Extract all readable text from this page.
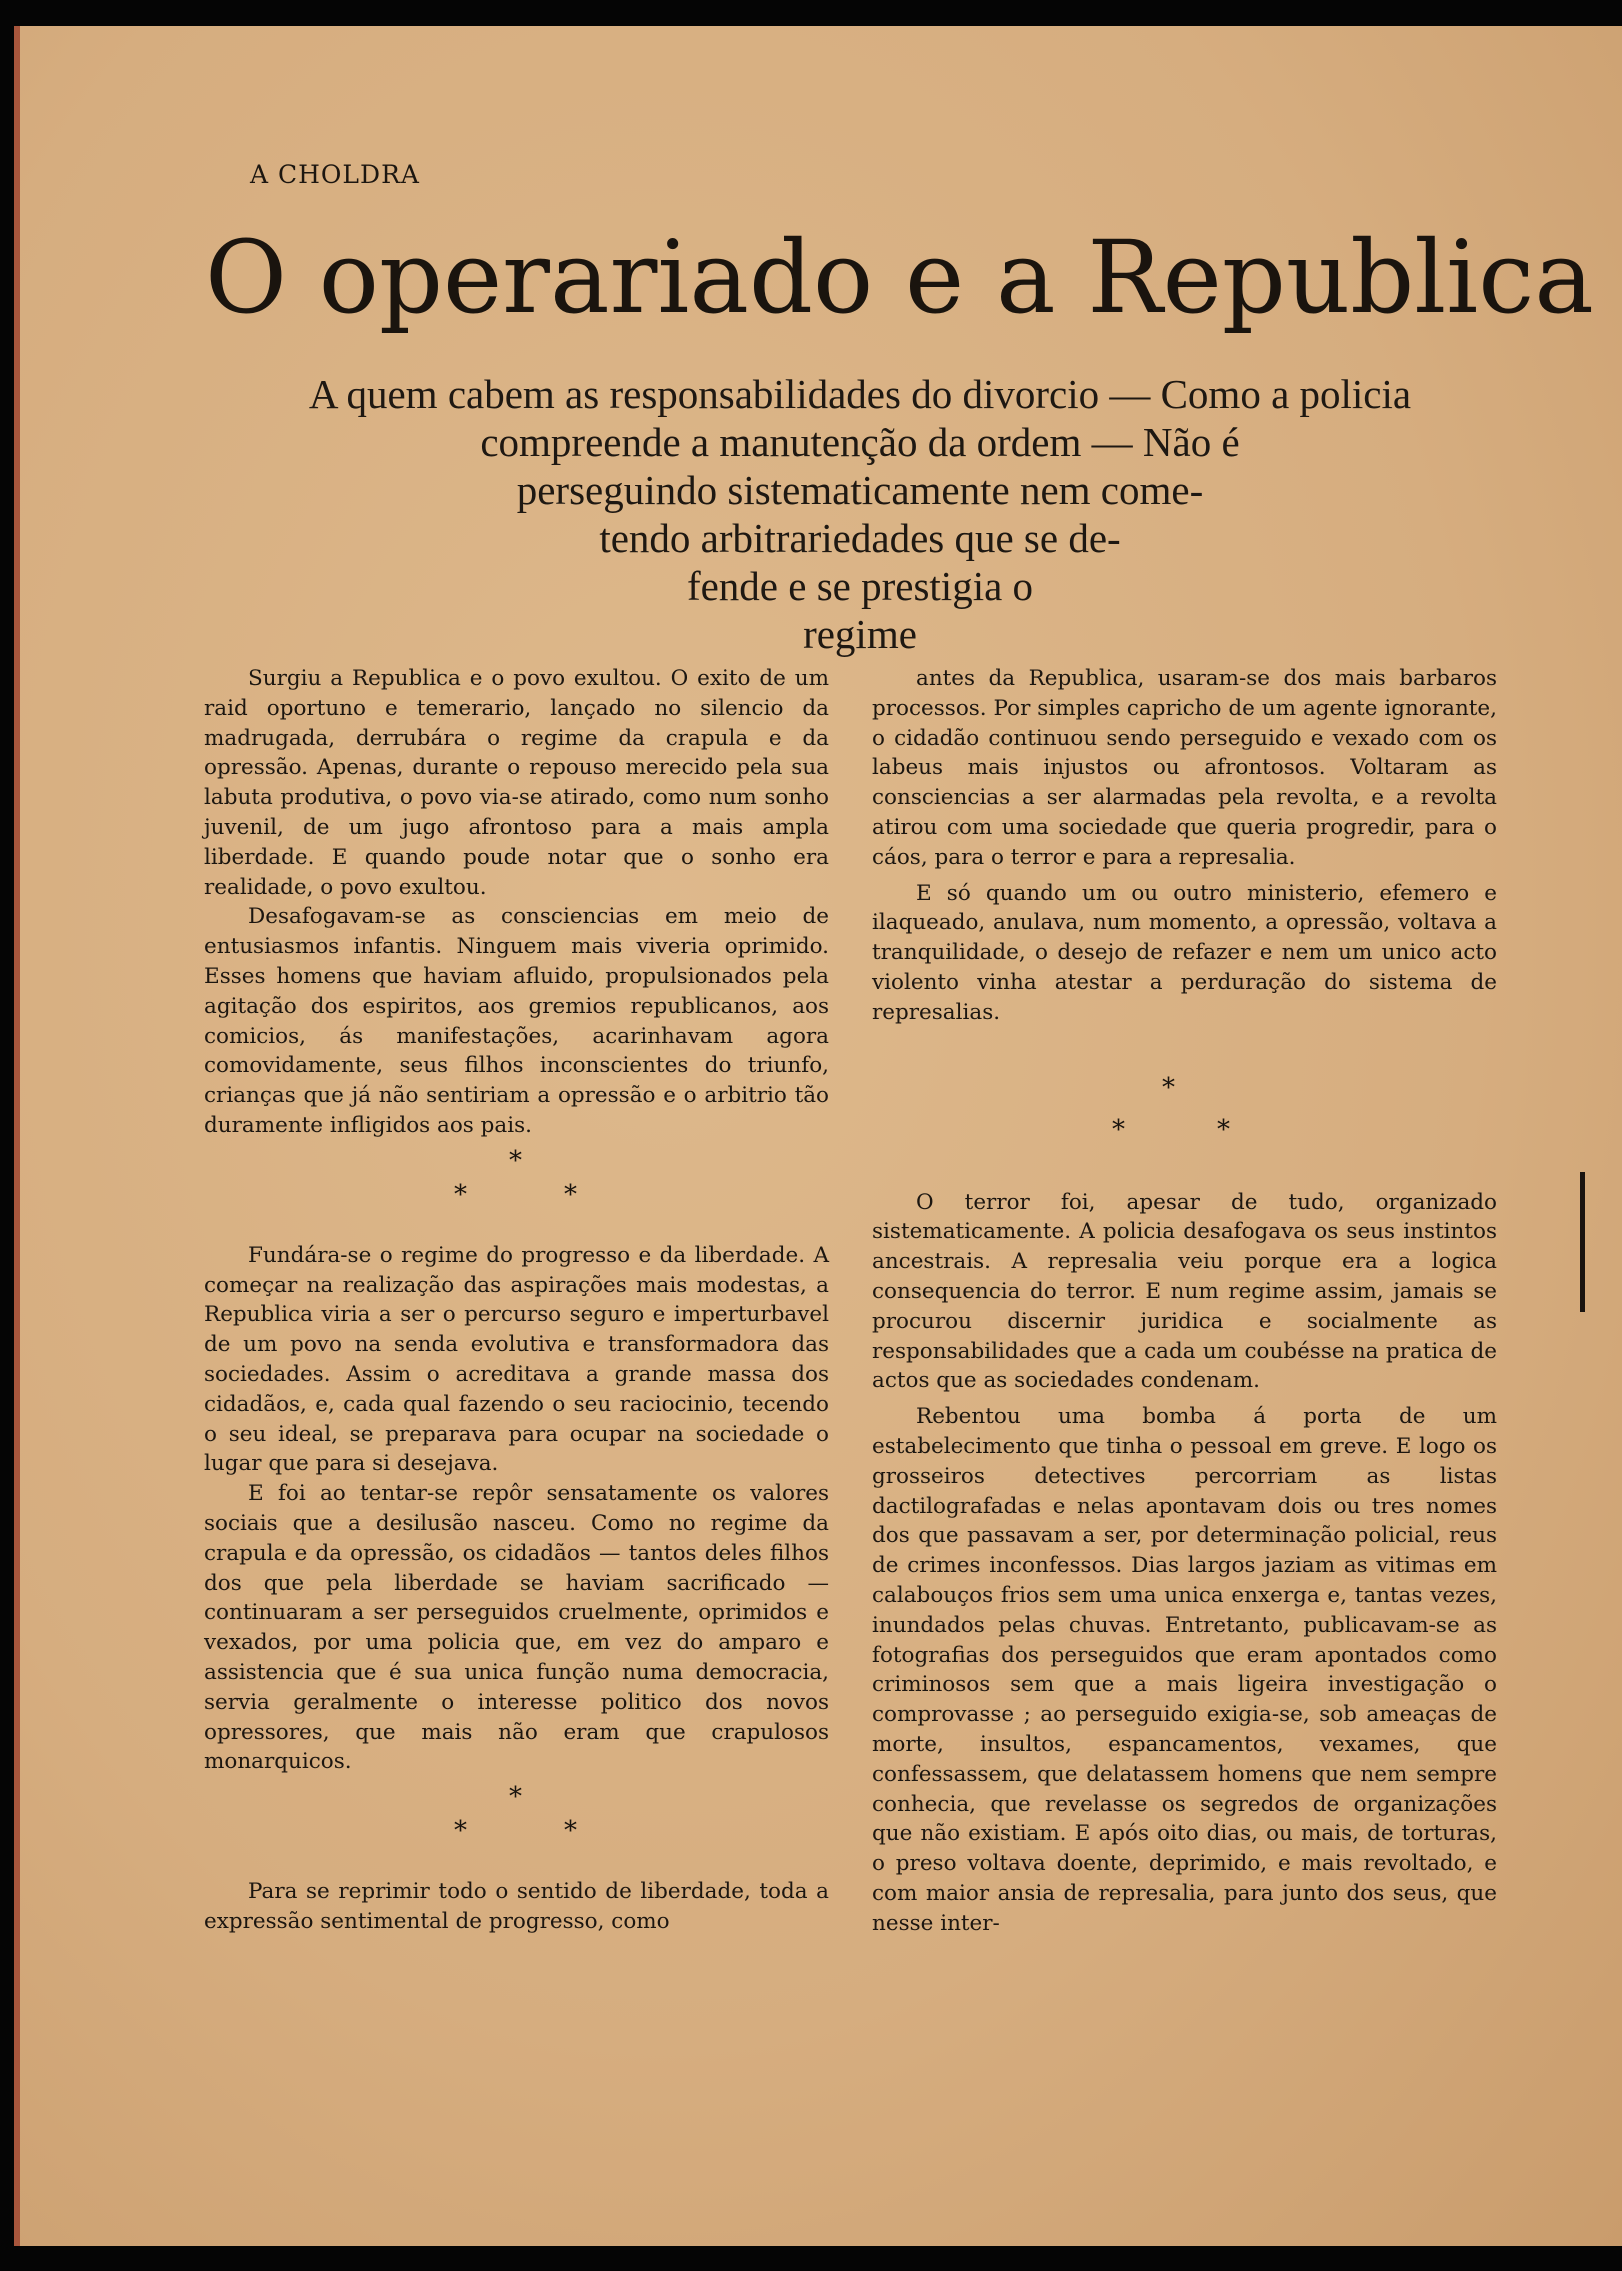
A CHOLDRA
O operariado e a Republica
A quem cabem as responsabilidades do divorcio — Como a policia
compreende a manutenção da ordem — Não é
perseguindo sistematicamente nem come-
tendo arbitrariedades que se de-
fende e se prestigia o
regime

Surgiu a Republica e o povo exultou. O exito de um raid oportuno e temerario, lançado no silencio da madrugada, derrubára o regime da crapula e da opressão. Apenas, durante o repouso merecido pela sua labuta produtiva, o povo via-se atirado, como num sonho juvenil, de um jugo afrontoso para a mais ampla liberdade. E quando poude notar que o sonho era realidade, o povo exultou.

Desafogavam-se as consciencias em meio de entusiasmos infantis. Ninguem mais viveria oprimido. Esses homens que haviam afluido, propulsionados pela agitação dos espiritos, aos gremios republicanos, aos comicios, ás manifestações, acarinhavam agora comovidamente, seus filhos inconscientes do triunfo, crianças que já não sentiriam a opressão e o arbitrio tão duramente infligidos aos pais.

*
*	*

Fundára-se o regime do progresso e da liberdade. A começar na realização das aspirações mais modestas, a Republica viria a ser o percurso seguro e imperturbavel de um povo na senda evolutiva e transformadora das sociedades. Assim o acreditava a grande massa dos cidadãos, e, cada qual fazendo o seu raciocinio, tecendo o seu ideal, se preparava para ocupar na sociedade o lugar que para si desejava.

E foi ao tentar-se repôr sensatamente os valores sociais que a desilusão nasceu. Como no regime da crapula e da opressão, os cidadãos — tantos deles filhos dos que pela liberdade se haviam sacrificado — continuaram a ser perseguidos cruelmente, oprimidos e vexados, por uma policia que, em vez do amparo e assistencia que é sua unica função numa democracia, servia geralmente o interesse politico dos novos opressores, que mais não eram que crapulosos monarquicos.

*
*	*

Para se reprimir todo o sentido de liberdade, toda a expressão sentimental de progresso, como

antes da Republica, usaram-se dos mais barbaros processos. Por simples capricho de um agente ignorante, o cidadão continuou sendo perseguido e vexado com os labeus mais injustos ou afrontosos. Voltaram as consciencias a ser alarmadas pela revolta, e a revolta atirou com uma sociedade que queria progredir, para o cáos, para o terror e para a represalia.

E só quando um ou outro ministerio, efemero e ilaqueado, anulava, num momento, a opressão, voltava a tranquilidade, o desejo de refazer e nem um unico acto violento vinha atestar a perduração do sistema de represalias.

*
*	*

O terror foi, apesar de tudo, organizado sistematicamente. A policia desafogava os seus instintos ancestrais. A represalia veiu porque era a logica consequencia do terror. E num regime assim, jamais se procurou discernir juridica e socialmente as responsabilidades que a cada um coubésse na pratica de actos que as sociedades condenam.

Rebentou uma bomba á porta de um estabelecimento que tinha o pessoal em greve. E logo os grosseiros detectives percorriam as listas dactilografadas e nelas apontavam dois ou tres nomes dos que passavam a ser, por determinação policial, reus de crimes inconfessos. Dias largos jaziam as vitimas em calabouços frios sem uma unica enxerga e, tantas vezes, inundados pelas chuvas. Entretanto, publicavam-se as fotografias dos perseguidos que eram apontados como criminosos sem que a mais ligeira investigação o comprovasse ; ao perseguido exigia-se, sob ameaças de morte, insultos, espancamentos, vexames, que confessassem, que delatassem homens que nem sempre conhecia, que revelasse os segredos de organizações que não existiam. E após oito dias, ou mais, de torturas, o preso voltava doente, deprimido, e mais revoltado, e com maior ansia de represalia, para junto dos seus, que nesse inter-
